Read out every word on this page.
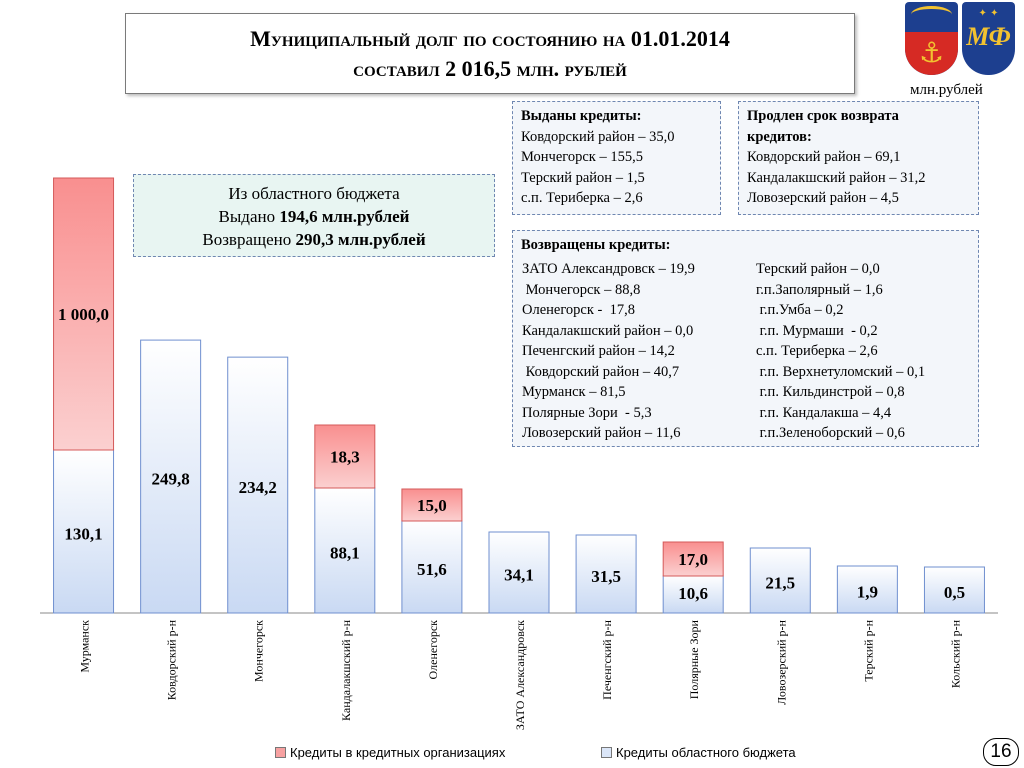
Муниципальный долг по состоянию на 01.01.2014
составил 2 016,5 млн. рублей	⚓
✦ ✦
МФ
млн.рублей
Выданы кредиты:
Ковдорский район – 35,0
Мончегорск – 155,5
Терский район – 1,5
с.п. Териберка – 2,6
Продлен срок возврата
кредитов:
Ковдорский район – 69,1
Кандалакшский район – 31,2
Ловозерский район – 4,5
Возвращены кредиты:
ЗАТО Александровск – 19,9
Мончегорск – 88,8
Оленегорск -  17,8
Кандалакшский район – 0,0
Печенгский район – 14,2
Ковдорский район – 40,7
Мурманск – 81,5
Полярные Зори  - 5,3
Ловозерский район – 11,6
Терский район – 0,0
г.п.Заполярный – 1,6
г.п.Умба – 0,2
г.п. Мурмаши  - 0,2
с.п. Териберка – 2,6
г.п. Верхнетуломский – 0,1
г.п. Кильдинстрой – 0,8
г.п. Кандалакша – 4,4
г.п.Зеленоборский – 0,6
130,1
1 000,0
Мурманск
249,8
Ковдорский р-н
234,2
Мончегорск
88,1
18,3
Кандалакшский р-н
51,6
15,0
Оленегорск
34,1
ЗАТО Александровск
31,5
Печенгский р-н
10,6
17,0
Полярные Зори
21,5
Ловозерский р-н
1,9
Терский р-н
0,5
Кольский р-н
Из областного бюджета
Выдано 194,6 млн.рублей
Возвращено 290,3 млн.рублей
Кредиты в кредитных организациях	Кредиты областного бюджета	16
